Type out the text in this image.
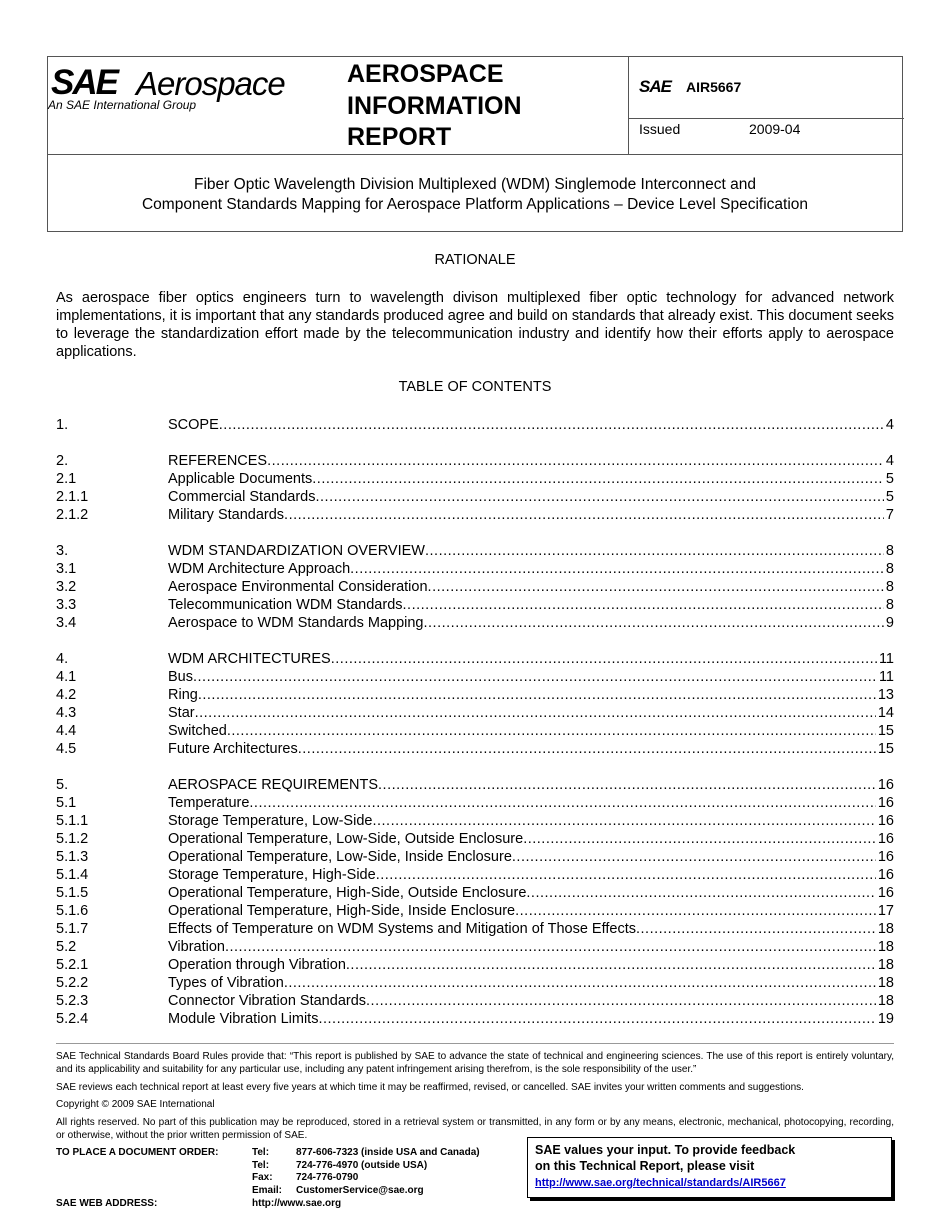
SAE Aerospace
An SAE International Group
AEROSPACE
INFORMATION
REPORT
SAE AIR5667
Issued	2009-04
Fiber Optic Wavelength Division Multiplexed (WDM) Singlemode Interconnect and
Component Standards Mapping for Aerospace Platform Applications – Device Level Specification
RATIONALE

As aerospace fiber optics engineers turn to wavelength divison multiplexed fiber optic technology for advanced network implementations, it is important that any standards produced agree and build on standards that already exist. This document seeks to leverage the standardization effort made by the telecommunication industry and identify how their efforts apply to aerospace applications.

TABLE OF CONTENTS
1.	SCOPE .....	4
2.	REFERENCES .....	4
2.1	Applicable Documents .....	5
2.1.1	Commercial Standards .....	5
2.1.2	Military Standards .....	7
3.	WDM STANDARDIZATION OVERVIEW .....	8
3.1	WDM Architecture Approach .....	8
3.2	Aerospace Environmental Consideration .....	8
3.3	Telecommunication WDM Standards .....	8
3.4	Aerospace to WDM Standards Mapping .....	9
4.	WDM ARCHITECTURES .....	11
4.1	Bus .....	11
4.2	Ring .....	13
4.3	Star .....	14
4.4	Switched .....	15
4.5	Future Architectures .....	15
5.	AEROSPACE REQUIREMENTS .....	16
5.1	Temperature .....	16
5.1.1	Storage Temperature, Low-Side .....	16
5.1.2	Operational Temperature, Low-Side, Outside Enclosure .....	16
5.1.3	Operational Temperature, Low-Side, Inside Enclosure .....	16
5.1.4	Storage Temperature, High-Side .....	16
5.1.5	Operational Temperature, High-Side, Outside Enclosure .....	16
5.1.6	Operational Temperature, High-Side, Inside Enclosure .....	17
5.1.7	Effects of Temperature on WDM Systems and Mitigation of Those Effects .....	18
5.2	Vibration .....	18
5.2.1	Operation through Vibration .....	18
5.2.2	Types of Vibration .....	18
5.2.3	Connector Vibration Standards .....	18
5.2.4	Module Vibration Limits .....	19

SAE Technical Standards Board Rules provide that: “This report is published by SAE to advance the state of technical and engineering sciences. The use of this report is entirely voluntary, and its applicability and suitability for any particular use, including any patent infringement arising therefrom, is the sole responsibility of the user.”

SAE reviews each technical report at least every five years at which time it may be reaffirmed, revised, or cancelled. SAE invites your written comments and suggestions.

Copyright © 2009 SAE International

All rights reserved. No part of this publication may be reproduced, stored in a retrieval system or transmitted, in any form or by any means, electronic, mechanical, photocopying, recording, or otherwise, without the prior written permission of SAE.

TO PLACE A DOCUMENT ORDER:	Tel:	877-606-7323 (inside USA and Canada)
Tel:	724-776-4970 (outside USA)
Fax: 724-776-0790
Email: CustomerService@sae.org
SAE WEB ADDRESS:	http://www.sae.org
SAE values your input. To provide feedback
on this Technical Report, please visit
http://www.sae.org/technical/standards/AIR5667
